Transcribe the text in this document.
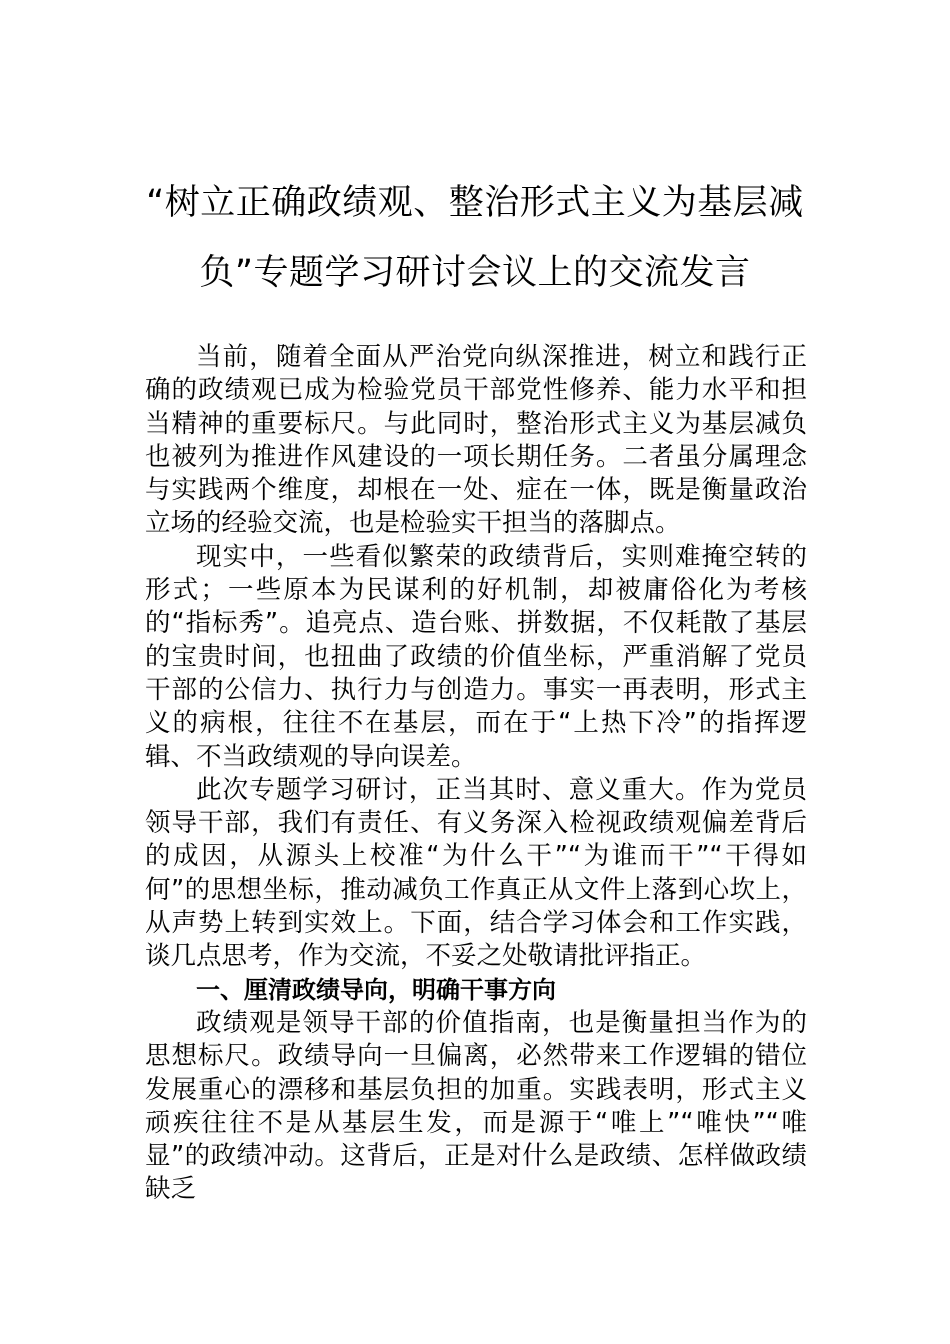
“树立正确政绩观、整治形式主义为基层减
负”专题学习研讨会议上的交流发言

当前，随着全面从严治党向纵深推进，树立和践行正确的政绩观已成为检验党员干部党性修养、能力水平和担当精神的重要标尺。与此同时，整治形式主义为基层减负也被列为推进作风建设的一项长期任务。二者虽分属理念与实践两个维度，却根在一处、症在一体，既是衡量政治立场的经验交流，也是检验实干担当的落脚点。

现实中，一些看似繁荣的政绩背后，实则难掩空转的形式；一些原本为民谋利的好机制，却被庸俗化为考核的“指标秀”。追亮点、造台账、拼数据，不仅耗散了基层的宝贵时间，也扭曲了政绩的价值坐标，严重消解了党员干部的公信力、执行力与创造力。事实一再表明，形式主义的病根，往往不在基层，而在于“上热下冷”的指挥逻辑、不当政绩观的导向误差。

此次专题学习研讨，正当其时、意义重大。作为党员领导干部，我们有责任、有义务深入检视政绩观偏差背后的成因，从源头上校准“为什么干”“为谁而干”“干得如何”的思想坐标，推动减负工作真正从文件上落到心坎上，从声势上转到实效上。下面，结合学习体会和工作实践，谈几点思考，作为交流，不妥之处敬请批评指正。

一、厘清政绩导向，明确干事方向

政绩观是领导干部的价值指南，也是衡量担当作为的思想标尺。政绩导向一旦偏离，必然带来工作逻辑的错位发展重心的漂移和基层负担的加重。实践表明，形式主义顽疾往往不是从基层生发，而是源于“唯上”“唯快”“唯显”的政绩冲动。这背后，正是对什么是政绩、怎样做政绩缺乏
